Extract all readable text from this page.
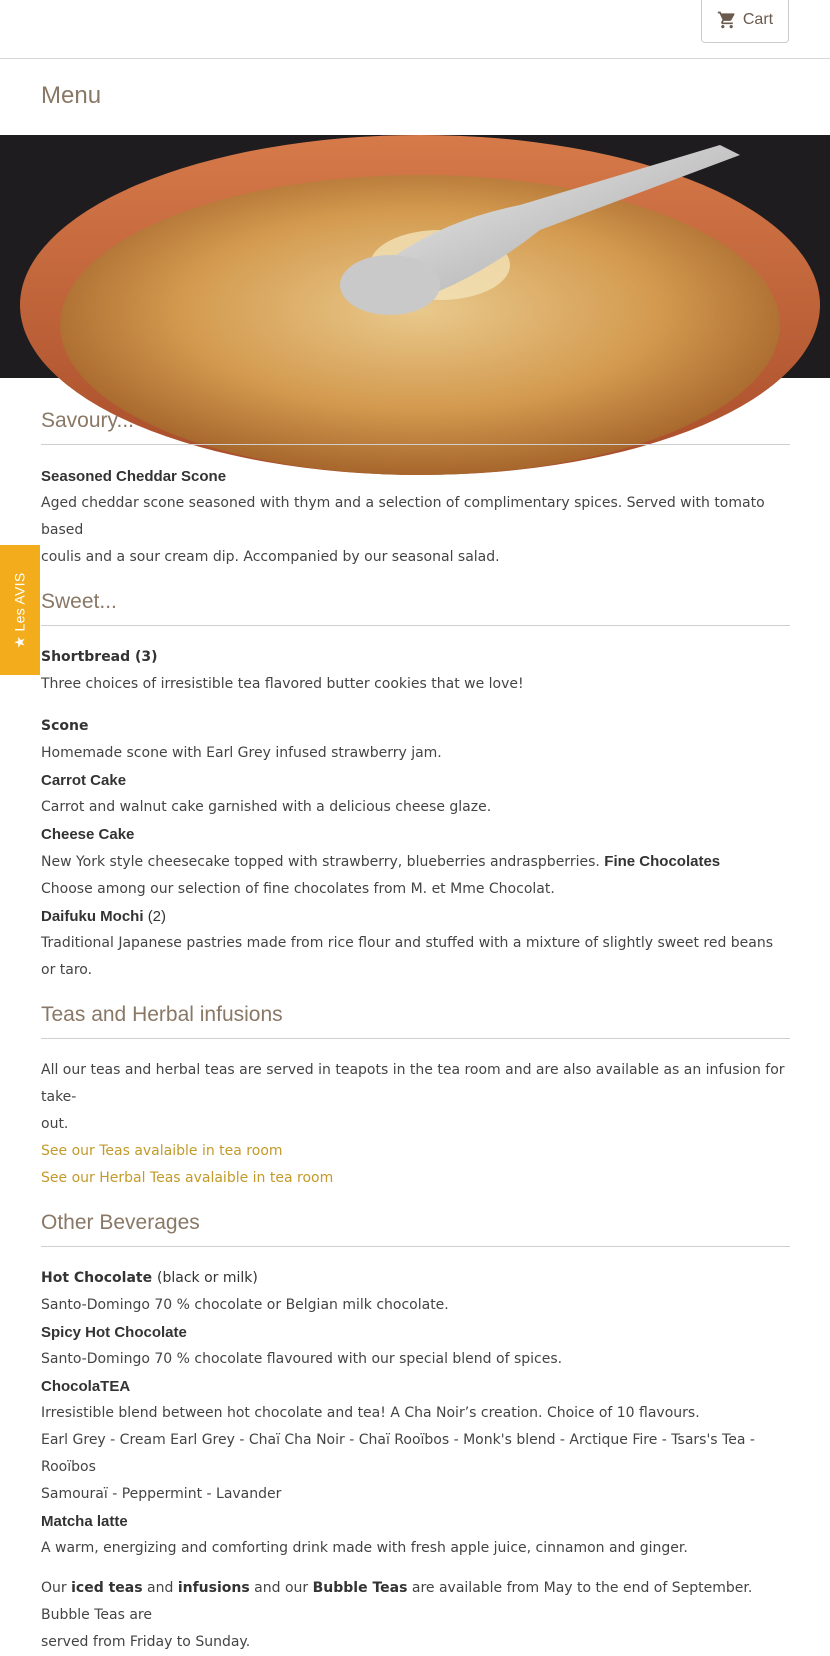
Cart
Menu
★ Les AVIS
Savoury...
Seasoned Cheddar Scone
Aged cheddar scone seasoned with thym and a selection of complimentary spices. Served with tomato based
coulis and a sour cream dip. Accompanied by our seasonal salad.
Sweet...
Shortbread (3)
Three choices of irresistible tea flavored butter cookies that we love!
Scone
Homemade scone with Earl Grey infused strawberry jam.
Carrot Cake
Carrot and walnut cake garnished with a delicious cheese glaze.
Cheese Cake
New York style cheesecake topped with strawberry, blueberries andraspberries. Fine Chocolates
Choose among our selection of fine chocolates from M. et Mme Chocolat.
Daifuku Mochi (2)
Traditional Japanese pastries made from rice flour and stuffed with a mixture of slightly sweet red beans or taro.
Teas and Herbal infusions
All our teas and herbal teas are served in teapots in the tea room and are also available as an infusion for take-
out.
See our Teas avalaible in tea room
See our Herbal Teas avalaible in tea room
Other Beverages
Hot Chocolate (black or milk)
Santo-Domingo 70 % chocolate or Belgian milk chocolate.
Spicy Hot Chocolate
Santo-Domingo 70 % chocolate flavoured with our special blend of spices.
ChocolaTEA
Irresistible blend between hot chocolate and tea! A Cha Noir’s creation. Choice of 10 flavours.
Earl Grey - Cream Earl Grey - Chaï Cha Noir - Chaï Rooïbos - Monk's blend - Arctique Fire - Tsars's Tea - Rooïbos
Samouraï - Peppermint - Lavander
Matcha latte
A warm, energizing and comforting drink made with fresh apple juice, cinnamon and ginger.
Our iced teas and infusions and our Bubble Teas are available from May to the end of September. Bubble Teas are
served from Friday to Sunday.
